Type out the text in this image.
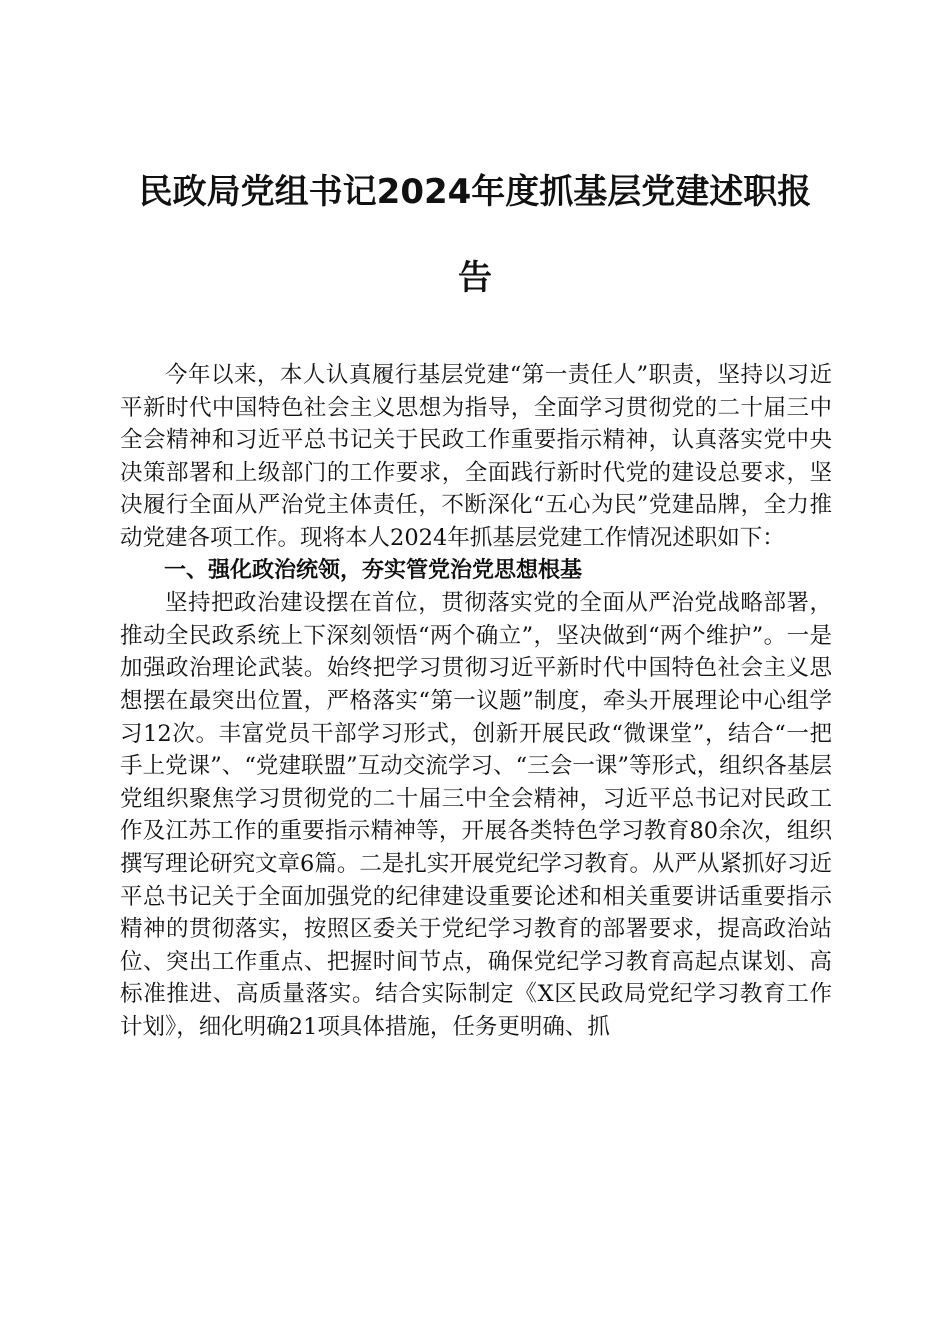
民政局党组书记2024年度抓基层党建述职报
告

今年以来，本人认真履行基层党建“第一责任人”职责，坚持以习近平新时代中国特色社会主义思想为指导，全面学习贯彻党的二十届三中全会精神和习近平总书记关于民政工作重要指示精神，认真落实党中央决策部署和上级部门的工作要求，全面践行新时代党的建设总要求，坚决履行全面从严治党主体责任，不断深化“五心为民”党建品牌，全力推动党建各项工作。现将本人2024年抓基层党建工作情况述职如下：

一、强化政治统领，夯实管党治党思想根基

坚持把政治建设摆在首位，贯彻落实党的全面从严治党战略部署，推动全民政系统上下深刻领悟“两个确立”，坚决做到“两个维护”。一是加强政治理论武装。始终把学习贯彻习近平新时代中国特色社会主义思想摆在最突出位置，严格落实“第一议题”制度，牵头开展理论中心组学习12次。丰富党员干部学习形式，创新开展民政“微课堂”，结合“一把手上党课”、“党建联盟”互动交流学习、“三会一课”等形式，组织各基层党组织聚焦学习贯彻党的二十届三中全会精神，习近平总书记对民政工作及江苏工作的重要指示精神等，开展各类特色学习教育80余次，组织撰写理论研究文章6篇。二是扎实开展党纪学习教育。从严从紧抓好习近平总书记关于全面加强党的纪律建设重要论述和相关重要讲话重要指示精神的贯彻落实，按照区委关于党纪学习教育的部署要求，提高政治站位、突出工作重点、把握时间节点，确保党纪学习教育高起点谋划、高标准推进、高质量落实。结合实际制定《X区民政局党纪学习教育工作计划》，细化明确21项具体措施，任务更明确、抓
